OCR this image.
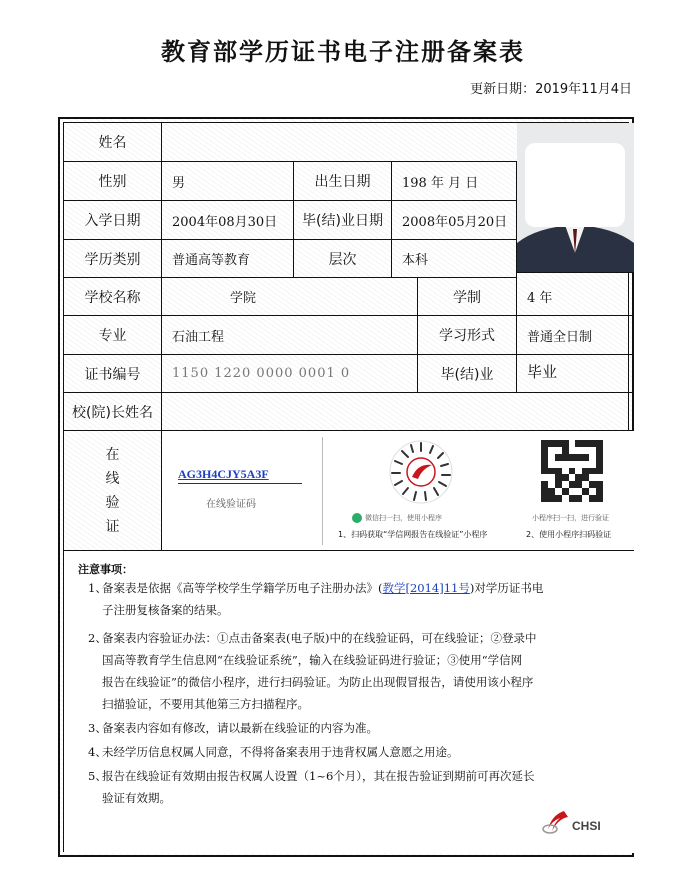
教育部学历证书电子注册备案表
更新日期：2019年11月4日
姓名
性别	男	出生日期	198 年 月 日
入学日期	2004年08月30日	毕(结)业日期	2008年05月20日
学历类别	普通高等教育	层次	本科
学校名称	学院	学制	4 年
专业	石油工程	学习形式	普通全日制
证书编号	1150 1220 0000 0001 0	毕(结)业	毕业
校(院)长姓名
在
线
验
证
AG3H4CJY5A3F
在线验证码
微信扫一扫，使用小程序
1、扫码获取“学信网报告在线验证”小程序
小程序扫一扫，进行验证
2、使用小程序扫码验证
注意事项：
1、备案表是依据《高等学校学生学籍学历电子注册办法》(教学[2014]11号)对学历证书电
子注册复核备案的结果。
2、备案表内容验证办法：①点击备案表(电子版)中的在线验证码，可在线验证；②登录中
国高等教育学生信息网“在线验证系统”，输入在线验证码进行验证；③使用“学信网
报告在线验证”的微信小程序，进行扫码验证。为防止出现假冒报告，请使用该小程序
扫描验证，不要用其他第三方扫描程序。
3、备案表内容如有修改，请以最新在线验证的内容为准。
4、未经学历信息权属人同意，不得将备案表用于违背权属人意愿之用途。
5、报告在线验证有效期由报告权属人设置（1~6个月），其在报告验证到期前可再次延长
验证有效期。
CHSI
